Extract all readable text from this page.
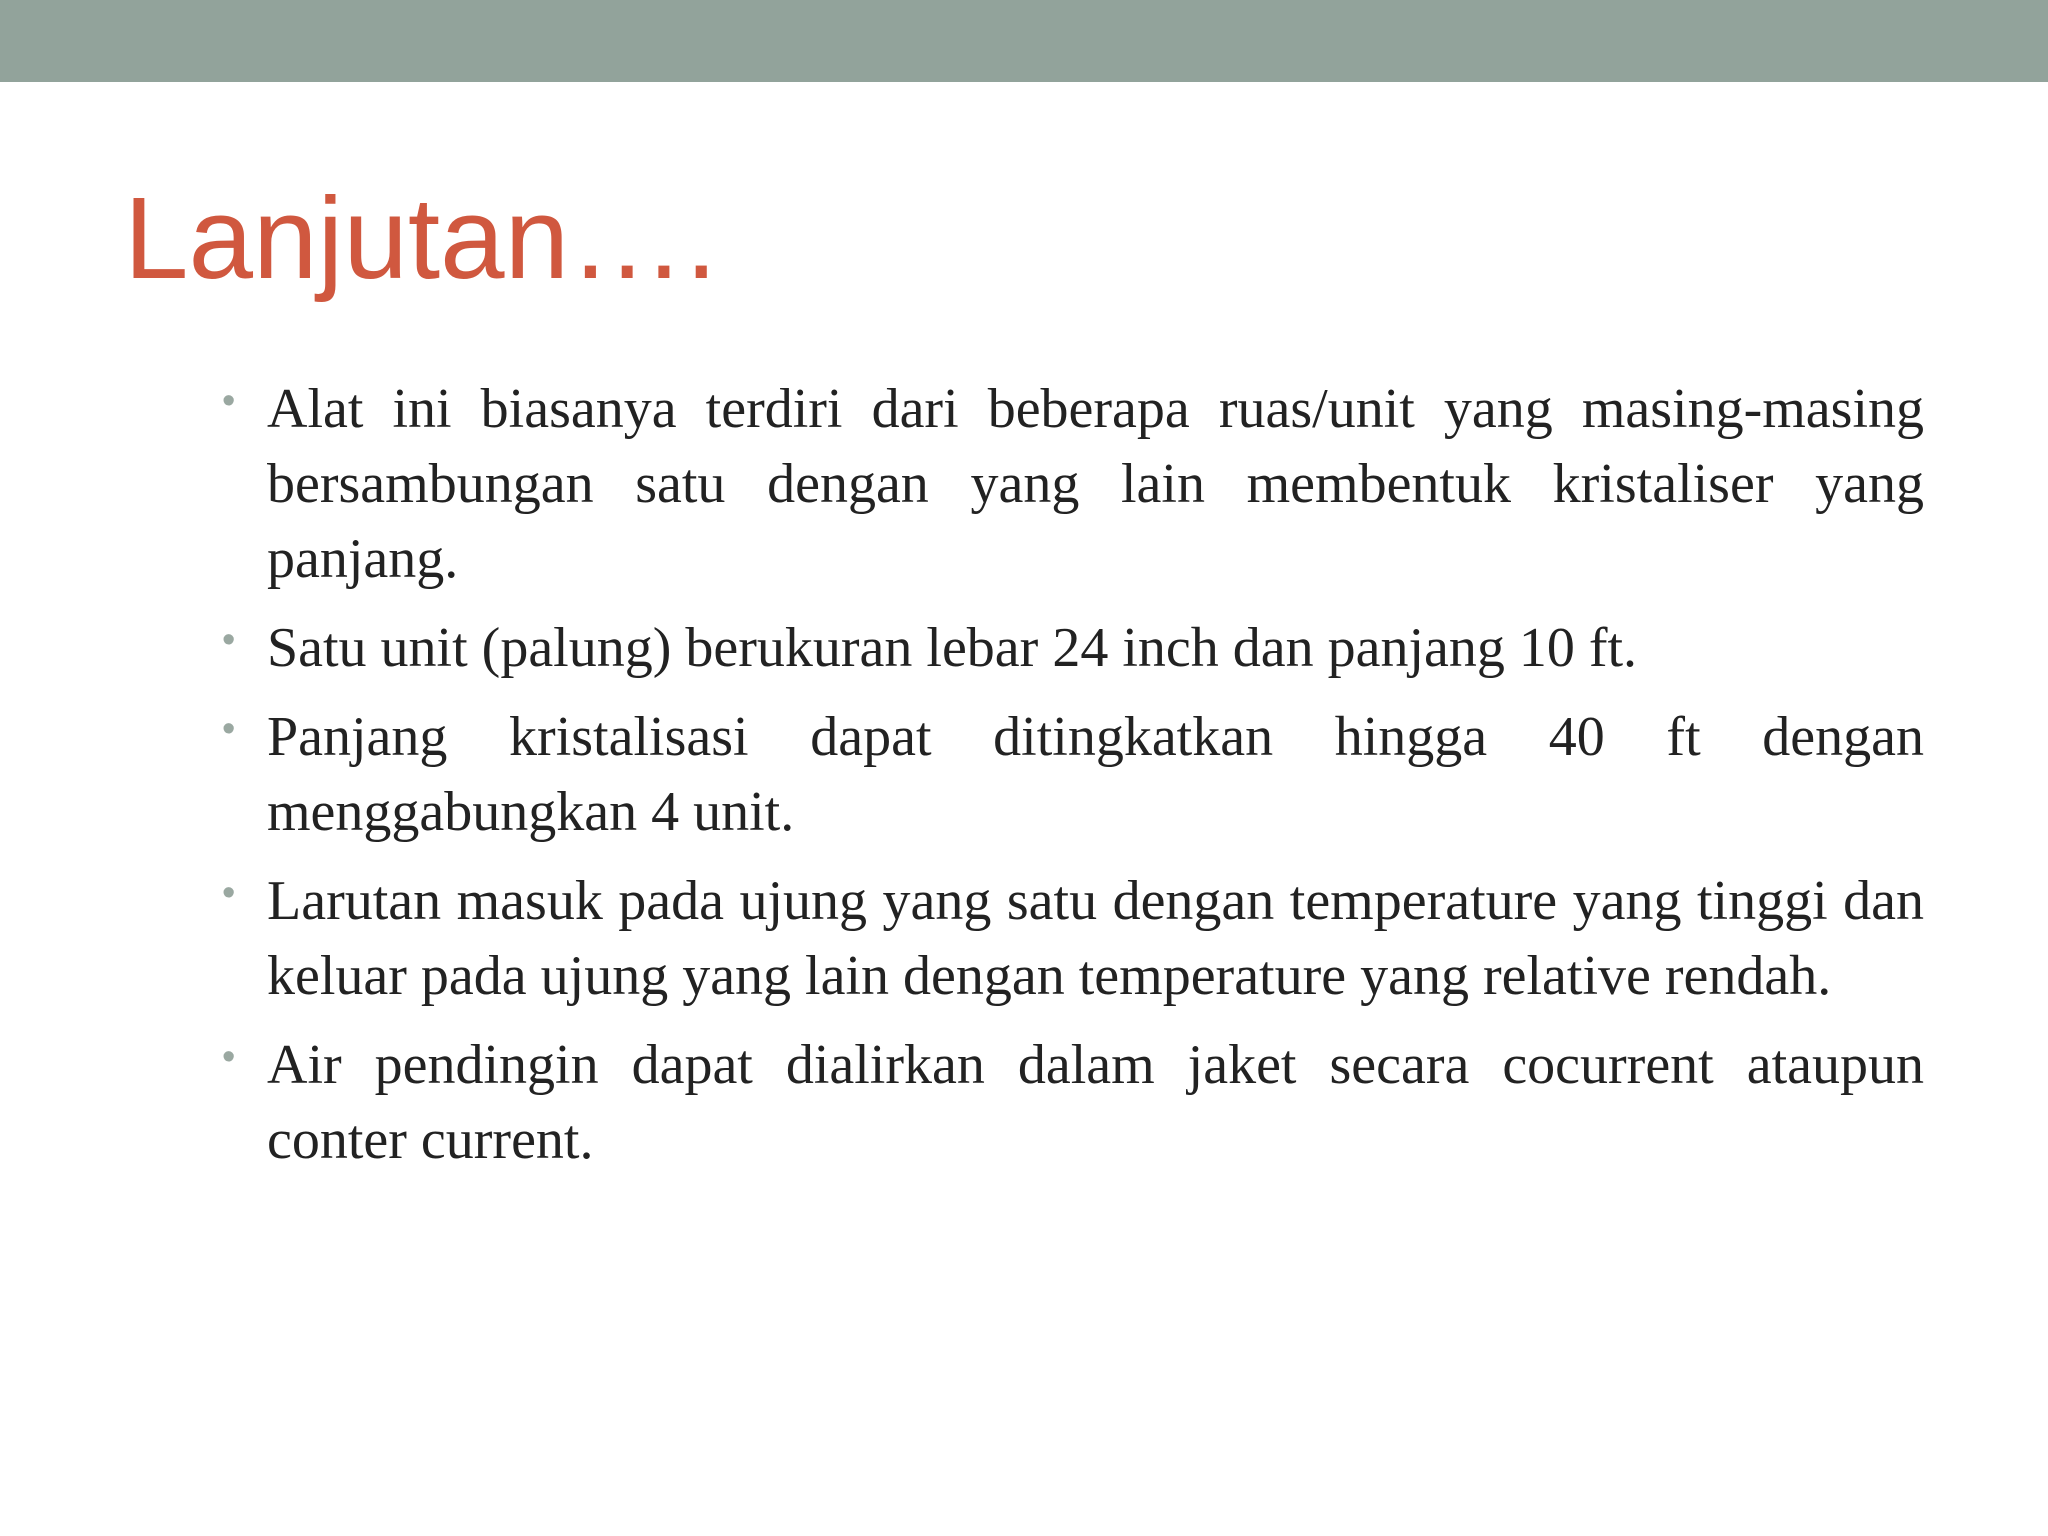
Lanjutan….
• Alat ini biasanya terdiri dari beberapa ruas/unit yang masing-masing bersambungan satu dengan yang lain membentuk kristaliser yang panjang.
• Satu unit (palung) berukuran lebar 24 inch dan panjang 10 ft.
• Panjang kristalisasi dapat ditingkatkan hingga 40 ft dengan menggabungkan 4 unit.
• Larutan masuk pada ujung yang satu dengan temperature yang tinggi dan keluar pada ujung yang lain dengan temperature yang relative rendah.
• Air pendingin dapat dialirkan dalam jaket secara cocurrent ataupun conter current.
